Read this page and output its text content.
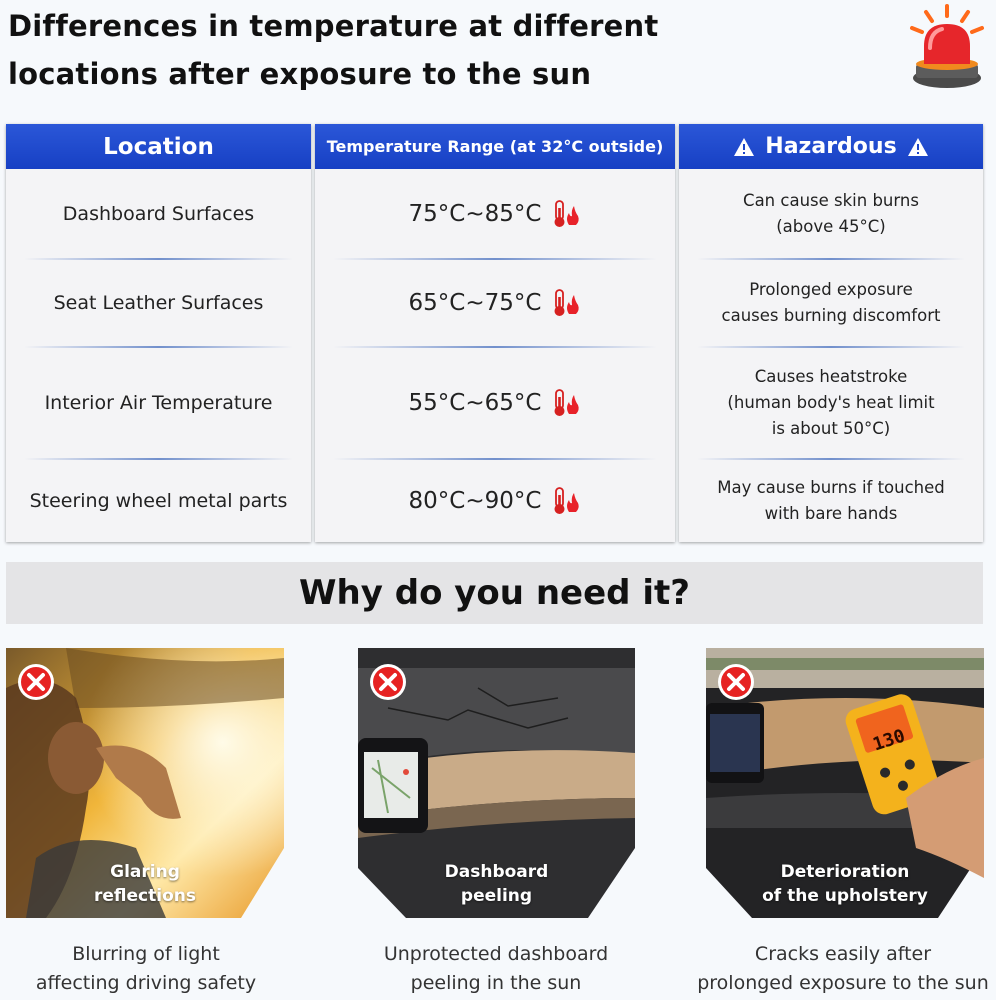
Differences in temperature at different
locations after exposure to the sun
Location
Dashboard Surfaces
Seat Leather Surfaces
Interior Air Temperature
Steering wheel metal parts
Temperature Range (at 32°C outside)
75°C~85°C
65°C~75°C
55°C~65°C
80°C~90°C
Hazardous
Can cause skin burns
(above 45°C)
Prolonged exposure
causes burning discomfort
Causes heatstroke
(human body's heat limit
is about 50°C)
May cause burns if touched
with bare hands
Why do you need it?
Glaring
reflections
Dashboard
peeling
130
Deterioration
of the upholstery
Blurring of light
affecting driving safety
Unprotected dashboard
peeling in the sun
Cracks easily after
prolonged exposure to the sun
